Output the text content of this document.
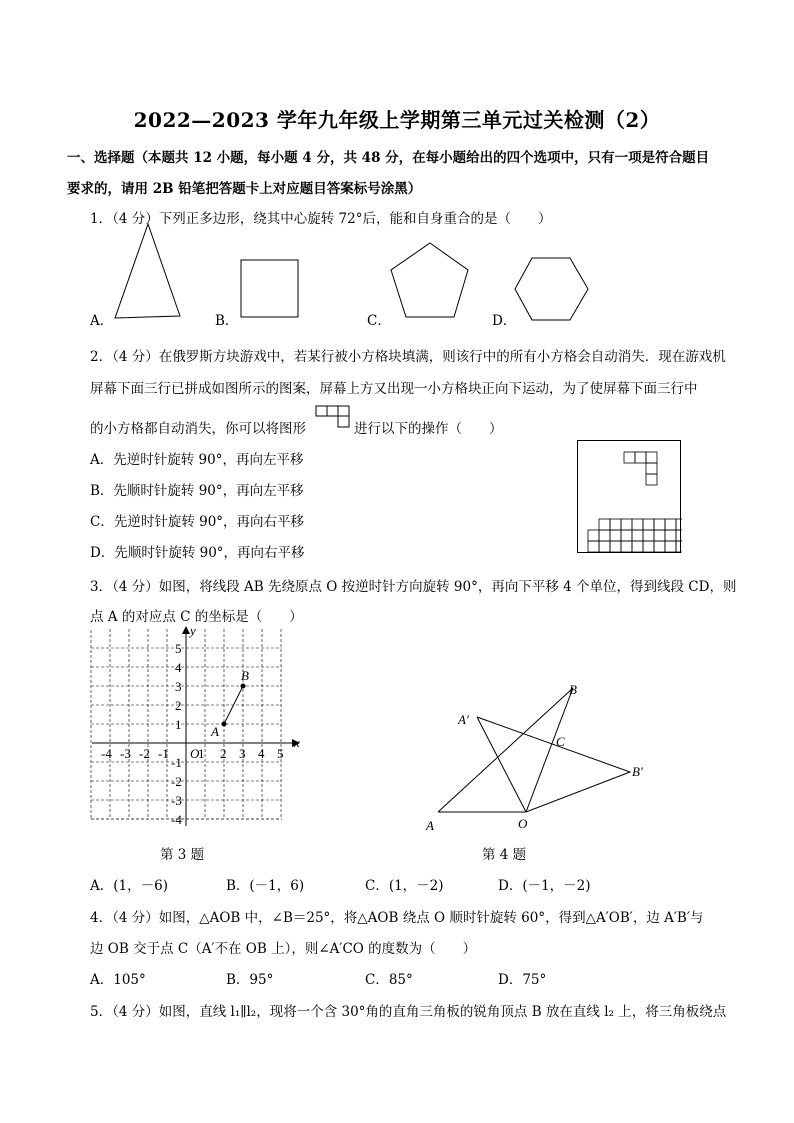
2022—2023 学年九年级上学期第三单元过关检测（2）
一、选择题（本题共 12 小题，每小题 4 分，共 48 分，在每小题给出的四个选项中，只有一项是符合题目
要求的，请用 2B 铅笔把答题卡上对应题目答案标号涂黑）
1．（4 分）下列正多边形，绕其中心旋转 72°后，能和自身重合的是（　　）
A．	B．	C．	D．
2．（4 分）在俄罗斯方块游戏中，若某行被小方格块填满，则该行中的所有小方格会自动消失．现在游戏机
屏幕下面三行已拼成如图所示的图案，屏幕上方又出现一小方格块正向下运动，为了使屏幕下面三行中
的小方格都自动消失，你可以将图形	进行以下的操作（　　）
A．先逆时针旋转 90°，再向左平移
B．先顺时针旋转 90°，再向左平移
C．先逆时针旋转 90°，再向右平移
D．先顺时针旋转 90°，再向右平移
3．（4 分）如图，将线段 AB 先绕原点 O 按逆时针方向旋转 90°，再向下平移 4 个单位，得到线段 CD，则
点 A 的对应点 C 的坐标是（　　）
x
y
-4 -3 -2 -1 O
1 2 3 4 5
5
4
3
2
1
-1
-2
-3
-4
A
B
第 3 题
A
B
C
O
A′
B′
第 4 题
A．(1，－6)	B．(－1，6)	C．(1，－2)	D．(－1，－2)
4．（4 分）如图，△AOB 中，∠B＝25°，将△AOB 绕点 O 顺时针旋转 60°，得到△A′OB′，边 A′B′与
边 OB 交于点 C（A′不在 OB 上），则∠A′CO 的度数为（　　）
A．105°	B．95°	C．85°	D．75°
5．（4 分）如图，直线 l₁∥l₂，现将一个含 30°角的直角三角板的锐角顶点 B 放在直线 l₂ 上，将三角板绕点
